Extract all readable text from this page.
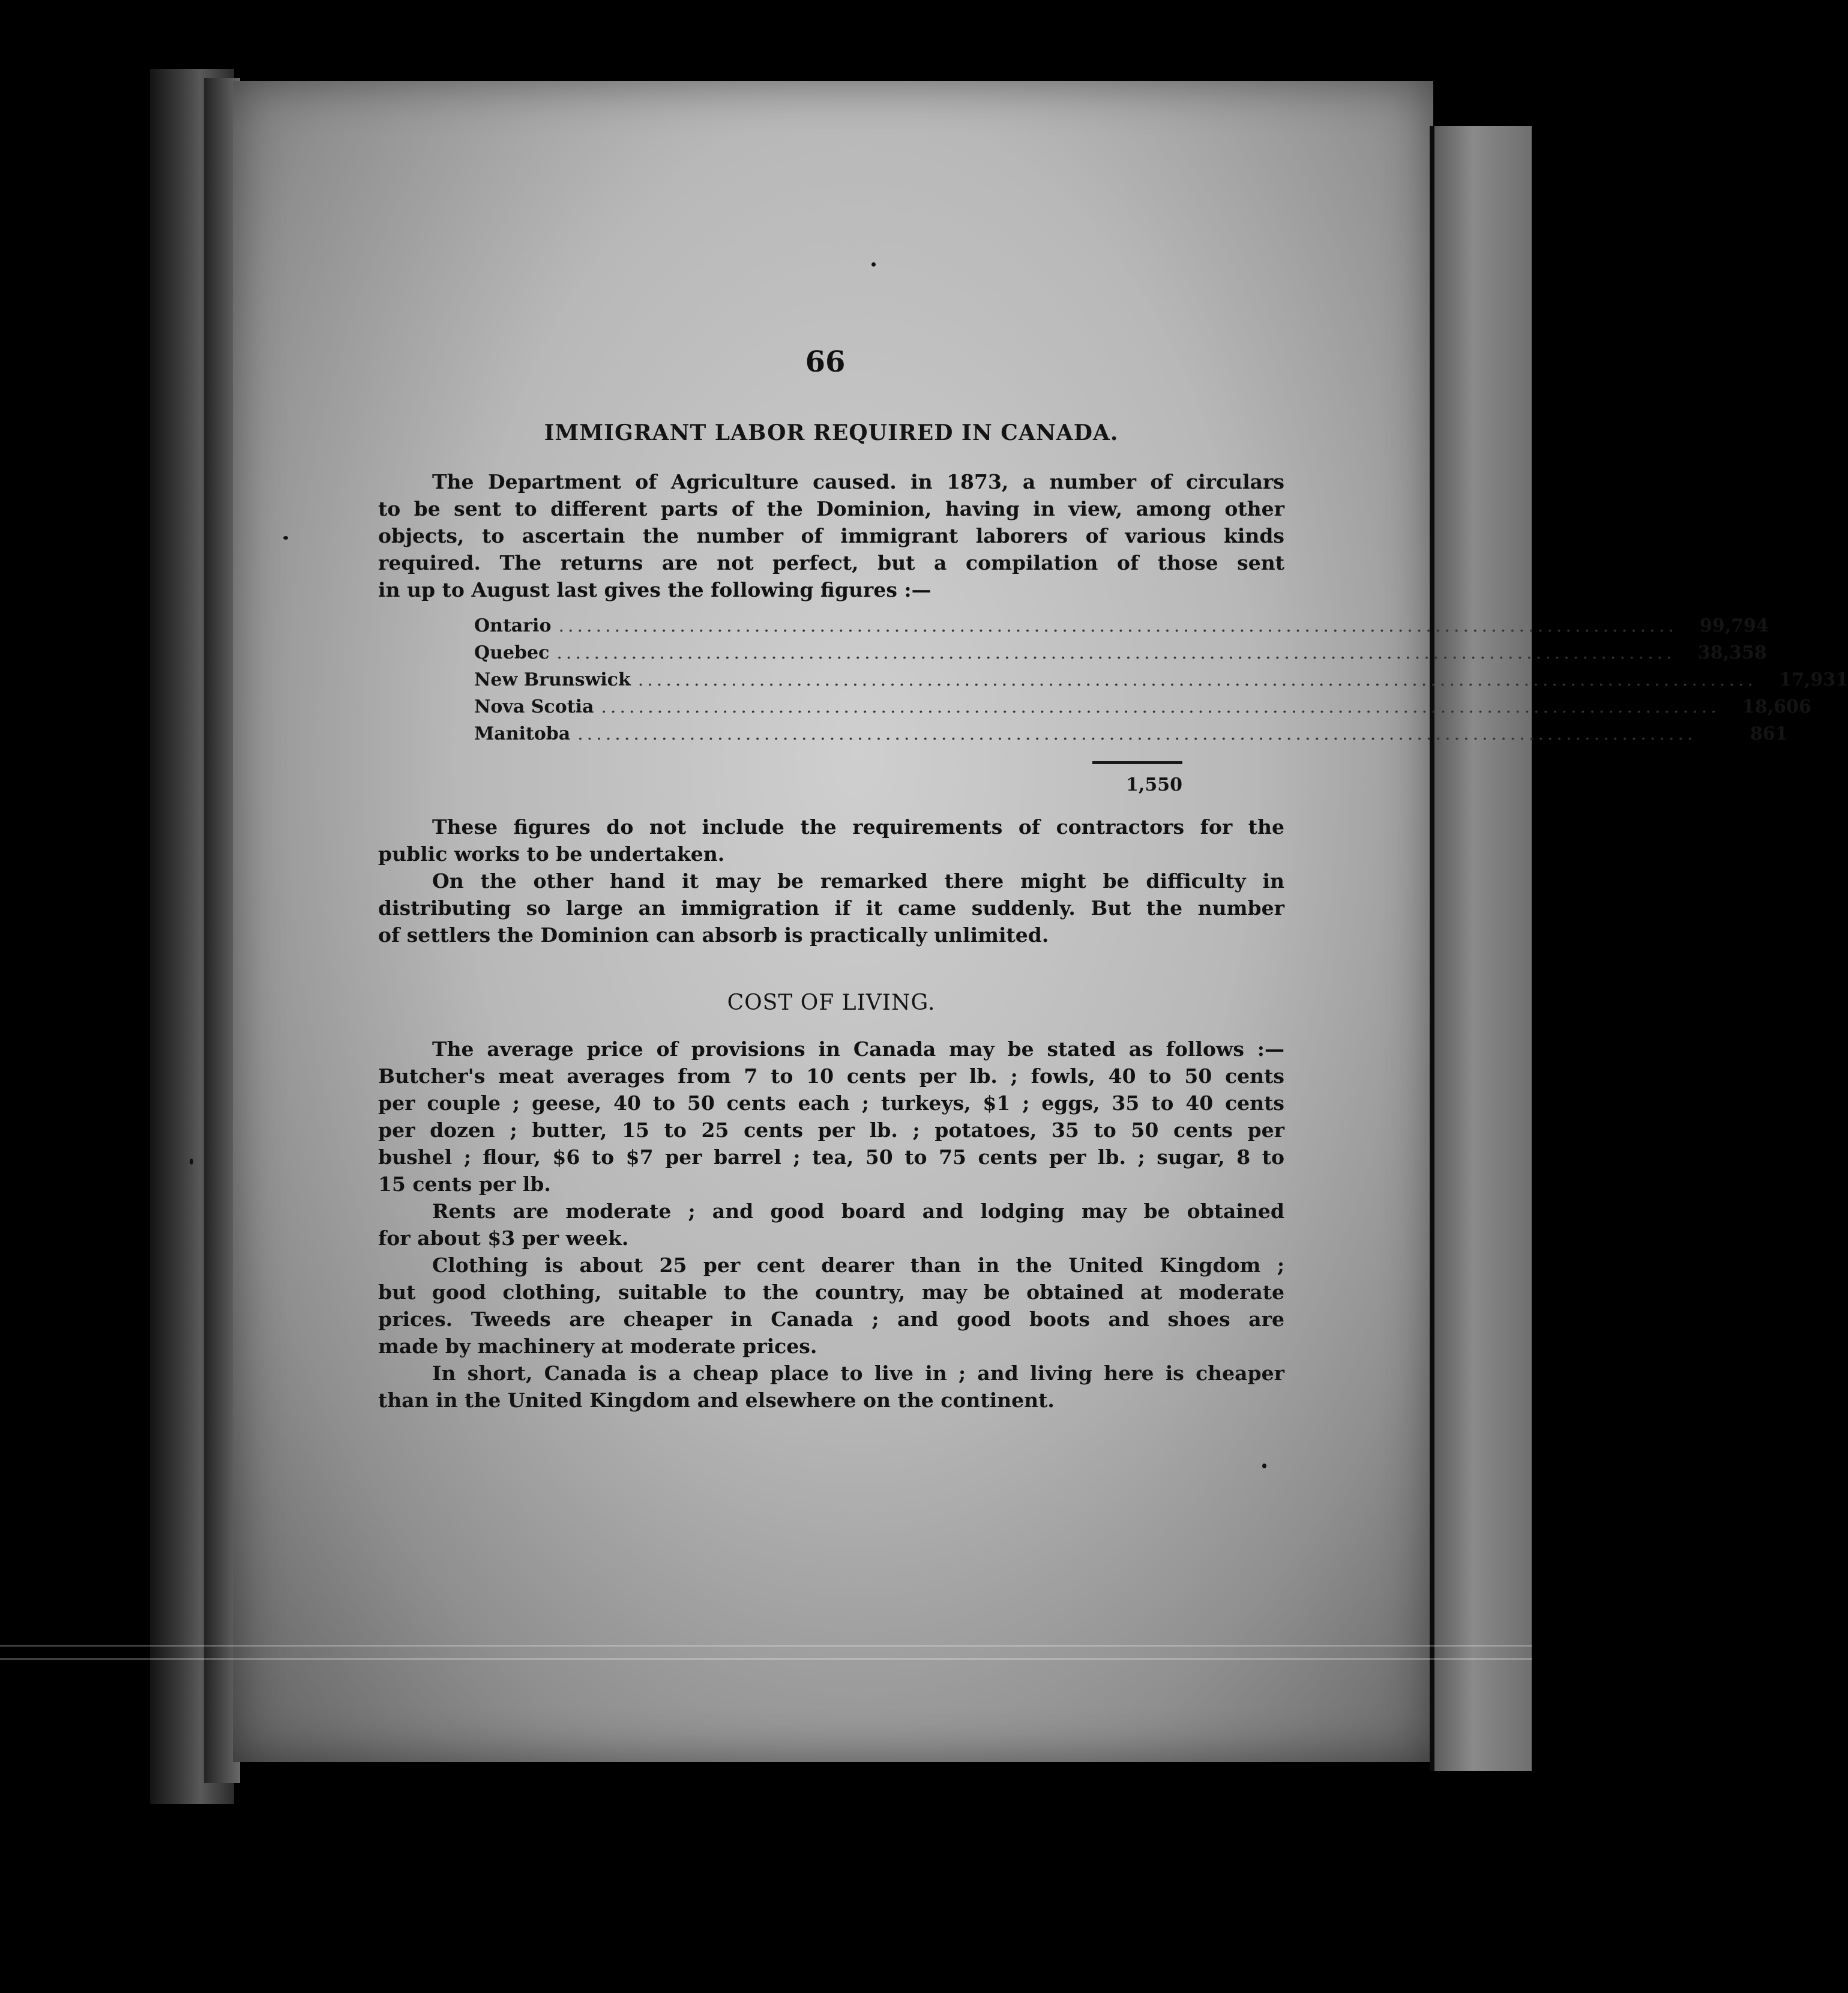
66
IMMIGRANT LABOR REQUIRED IN CANADA.

The Department of Agriculture caused. in 1873, a number of circulars
to be sent to different parts of the Dominion, having in view, among other
objects, to ascertain the number of immigrant laborers of various kinds
required. The returns are not perfect, but a compilation of those sent
in up to August last gives the following figures :—

Ontario ........................................................................................................................	99,794
Quebec ........................................................................................................................	38,358
New Brunswick ........................................................................................................................	17,931
Nova Scotia ........................................................................................................................	18,606
Manitoba ........................................................................................................................	861
1,550

These figures do not include the requirements of contractors for the
public works to be undertaken.

On the other hand it may be remarked there might be difficulty in
distributing so large an immigration if it came suddenly. But the number
of settlers the Dominion can absorb is practically unlimited.

COST OF LIVING.

The average price of provisions in Canada may be stated as follows :—
Butcher's meat averages from 7 to 10 cents per lb. ; fowls, 40 to 50 cents
per couple ; geese, 40 to 50 cents each ; turkeys, $1 ; eggs, 35 to 40 cents
per dozen ; butter, 15 to 25 cents per lb. ; potatoes, 35 to 50 cents per
bushel ; flour, $6 to $7 per barrel ; tea, 50 to 75 cents per lb. ; sugar, 8 to
15 cents per lb.

Rents are moderate ; and good board and lodging may be obtained
for about $3 per week.

Clothing is about 25 per cent dearer than in the United Kingdom ;
but good clothing, suitable to the country, may be obtained at moderate
prices. Tweeds are cheaper in Canada ; and good boots and shoes are
made by machinery at moderate prices.

In short, Canada is a cheap place to live in ; and living here is cheaper
than in the United Kingdom and elsewhere on the continent.
